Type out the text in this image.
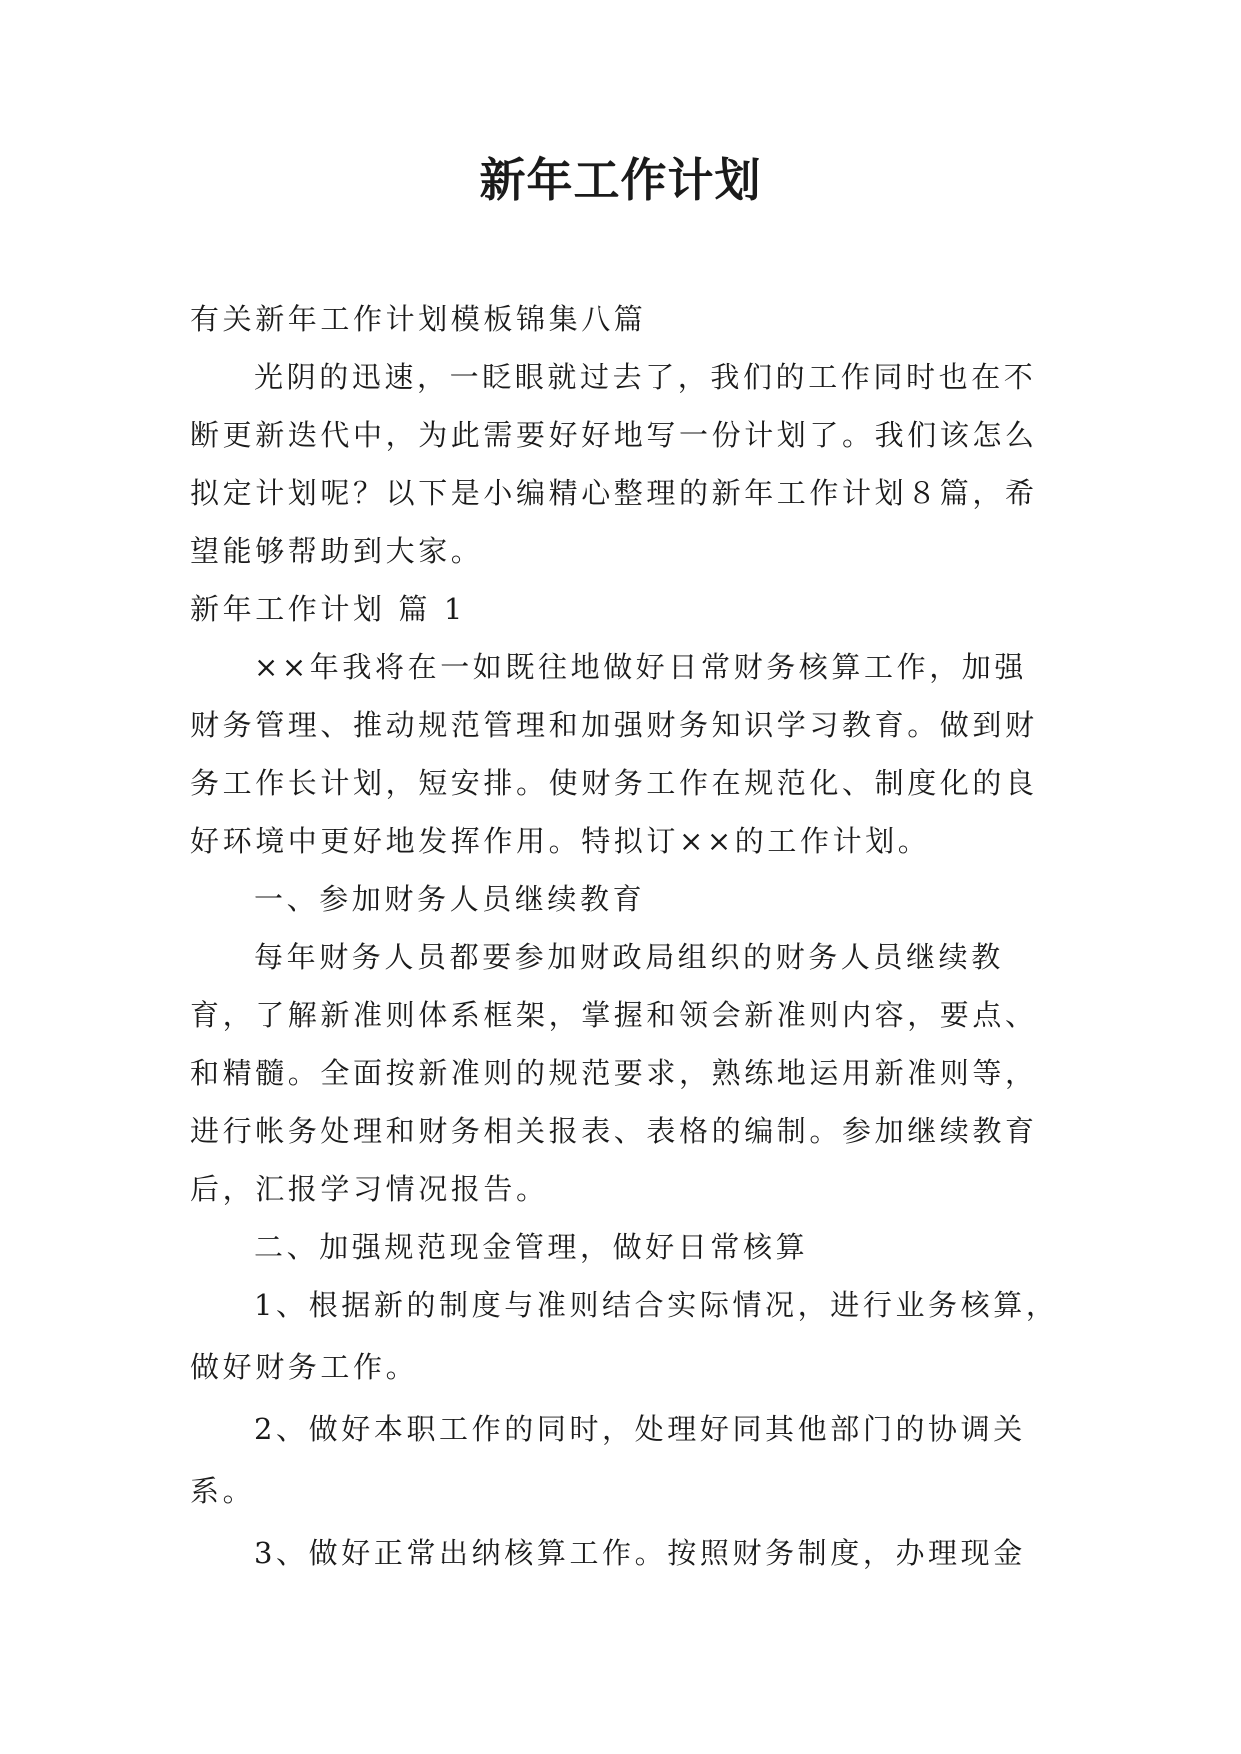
新年工作计划

有关新年工作计划模板锦集八篇

光阴的迅速，一眨眼就过去了，我们的工作同时也在不

断更新迭代中，为此需要好好地写一份计划了。我们该怎么

拟定计划呢？以下是小编精心整理的新年工作计划８篇，希

望能够帮助到大家。

新年工作计划 篇 1

××年我将在一如既往地做好日常财务核算工作，加强

财务管理、推动规范管理和加强财务知识学习教育。做到财

务工作长计划，短安排。使财务工作在规范化、制度化的良

好环境中更好地发挥作用。特拟订××的工作计划。

一、参加财务人员继续教育

每年财务人员都要参加财政局组织的财务人员继续教

育，了解新准则体系框架，掌握和领会新准则内容，要点、

和精髓。全面按新准则的规范要求，熟练地运用新准则等，

进行帐务处理和财务相关报表、表格的编制。参加继续教育

后，汇报学习情况报告。

二、加强规范现金管理，做好日常核算

1、根据新的制度与准则结合实际情况，进行业务核算，

做好财务工作。

2、做好本职工作的同时，处理好同其他部门的协调关

系。

3、做好正常出纳核算工作。按照财务制度，办理现金
